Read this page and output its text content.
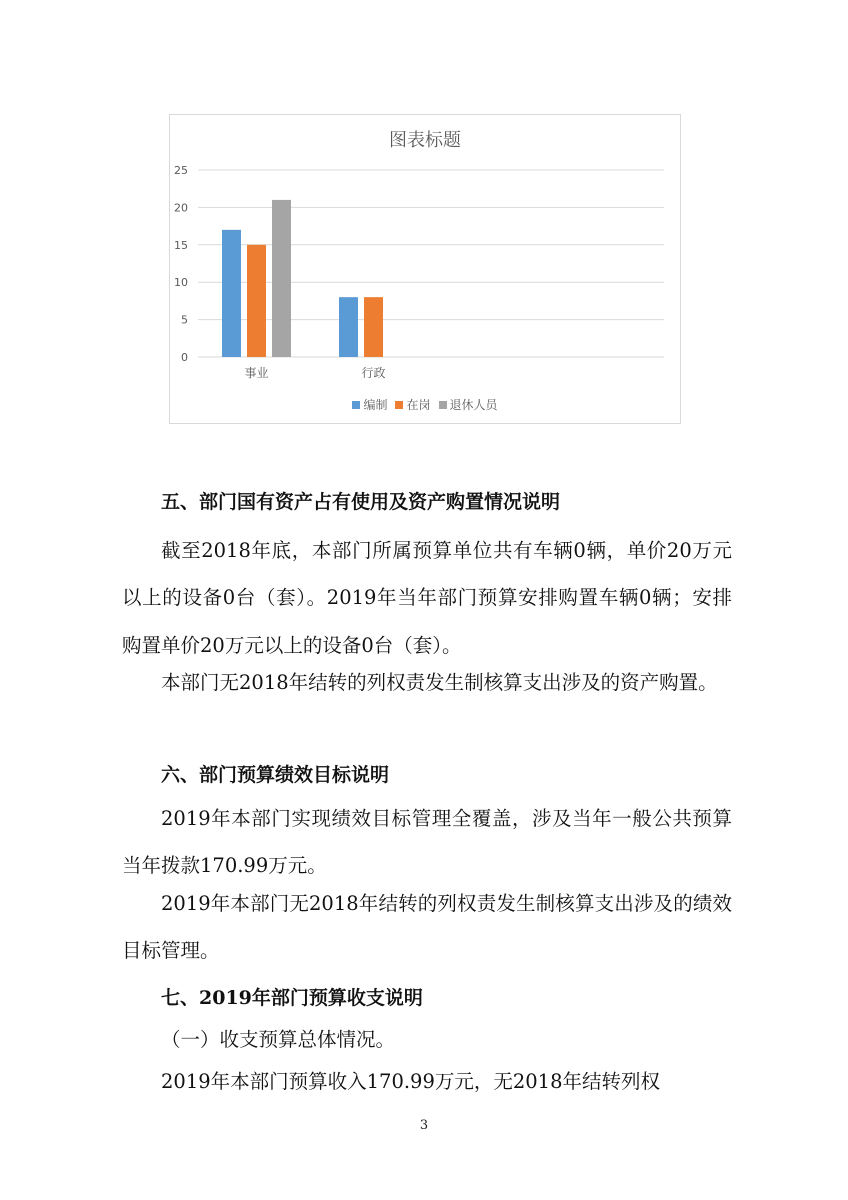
图表标题
0
5
10
15
20
25
事业	行政
编制 在岗 退休人员

五、部门国有资产占有使用及资产购置情况说明

截至2018年底，本部门所属预算单位共有车辆0辆，单价20万元以上的设备0台（套）。2019年当年部门预算安排购置车辆0辆；安排购置单价20万元以上的设备0台（套）。

本部门无2018年结转的列权责发生制核算支出涉及的资产购置。

六、部门预算绩效目标说明

2019年本部门实现绩效目标管理全覆盖，涉及当年一般公共预算当年拨款170.99万元。

2019年本部门无2018年结转的列权责发生制核算支出涉及的绩效目标管理。

七、2019年部门预算收支说明

（一）收支预算总体情况。

2019年本部门预算收入170.99万元，无2018年结转列权

3
